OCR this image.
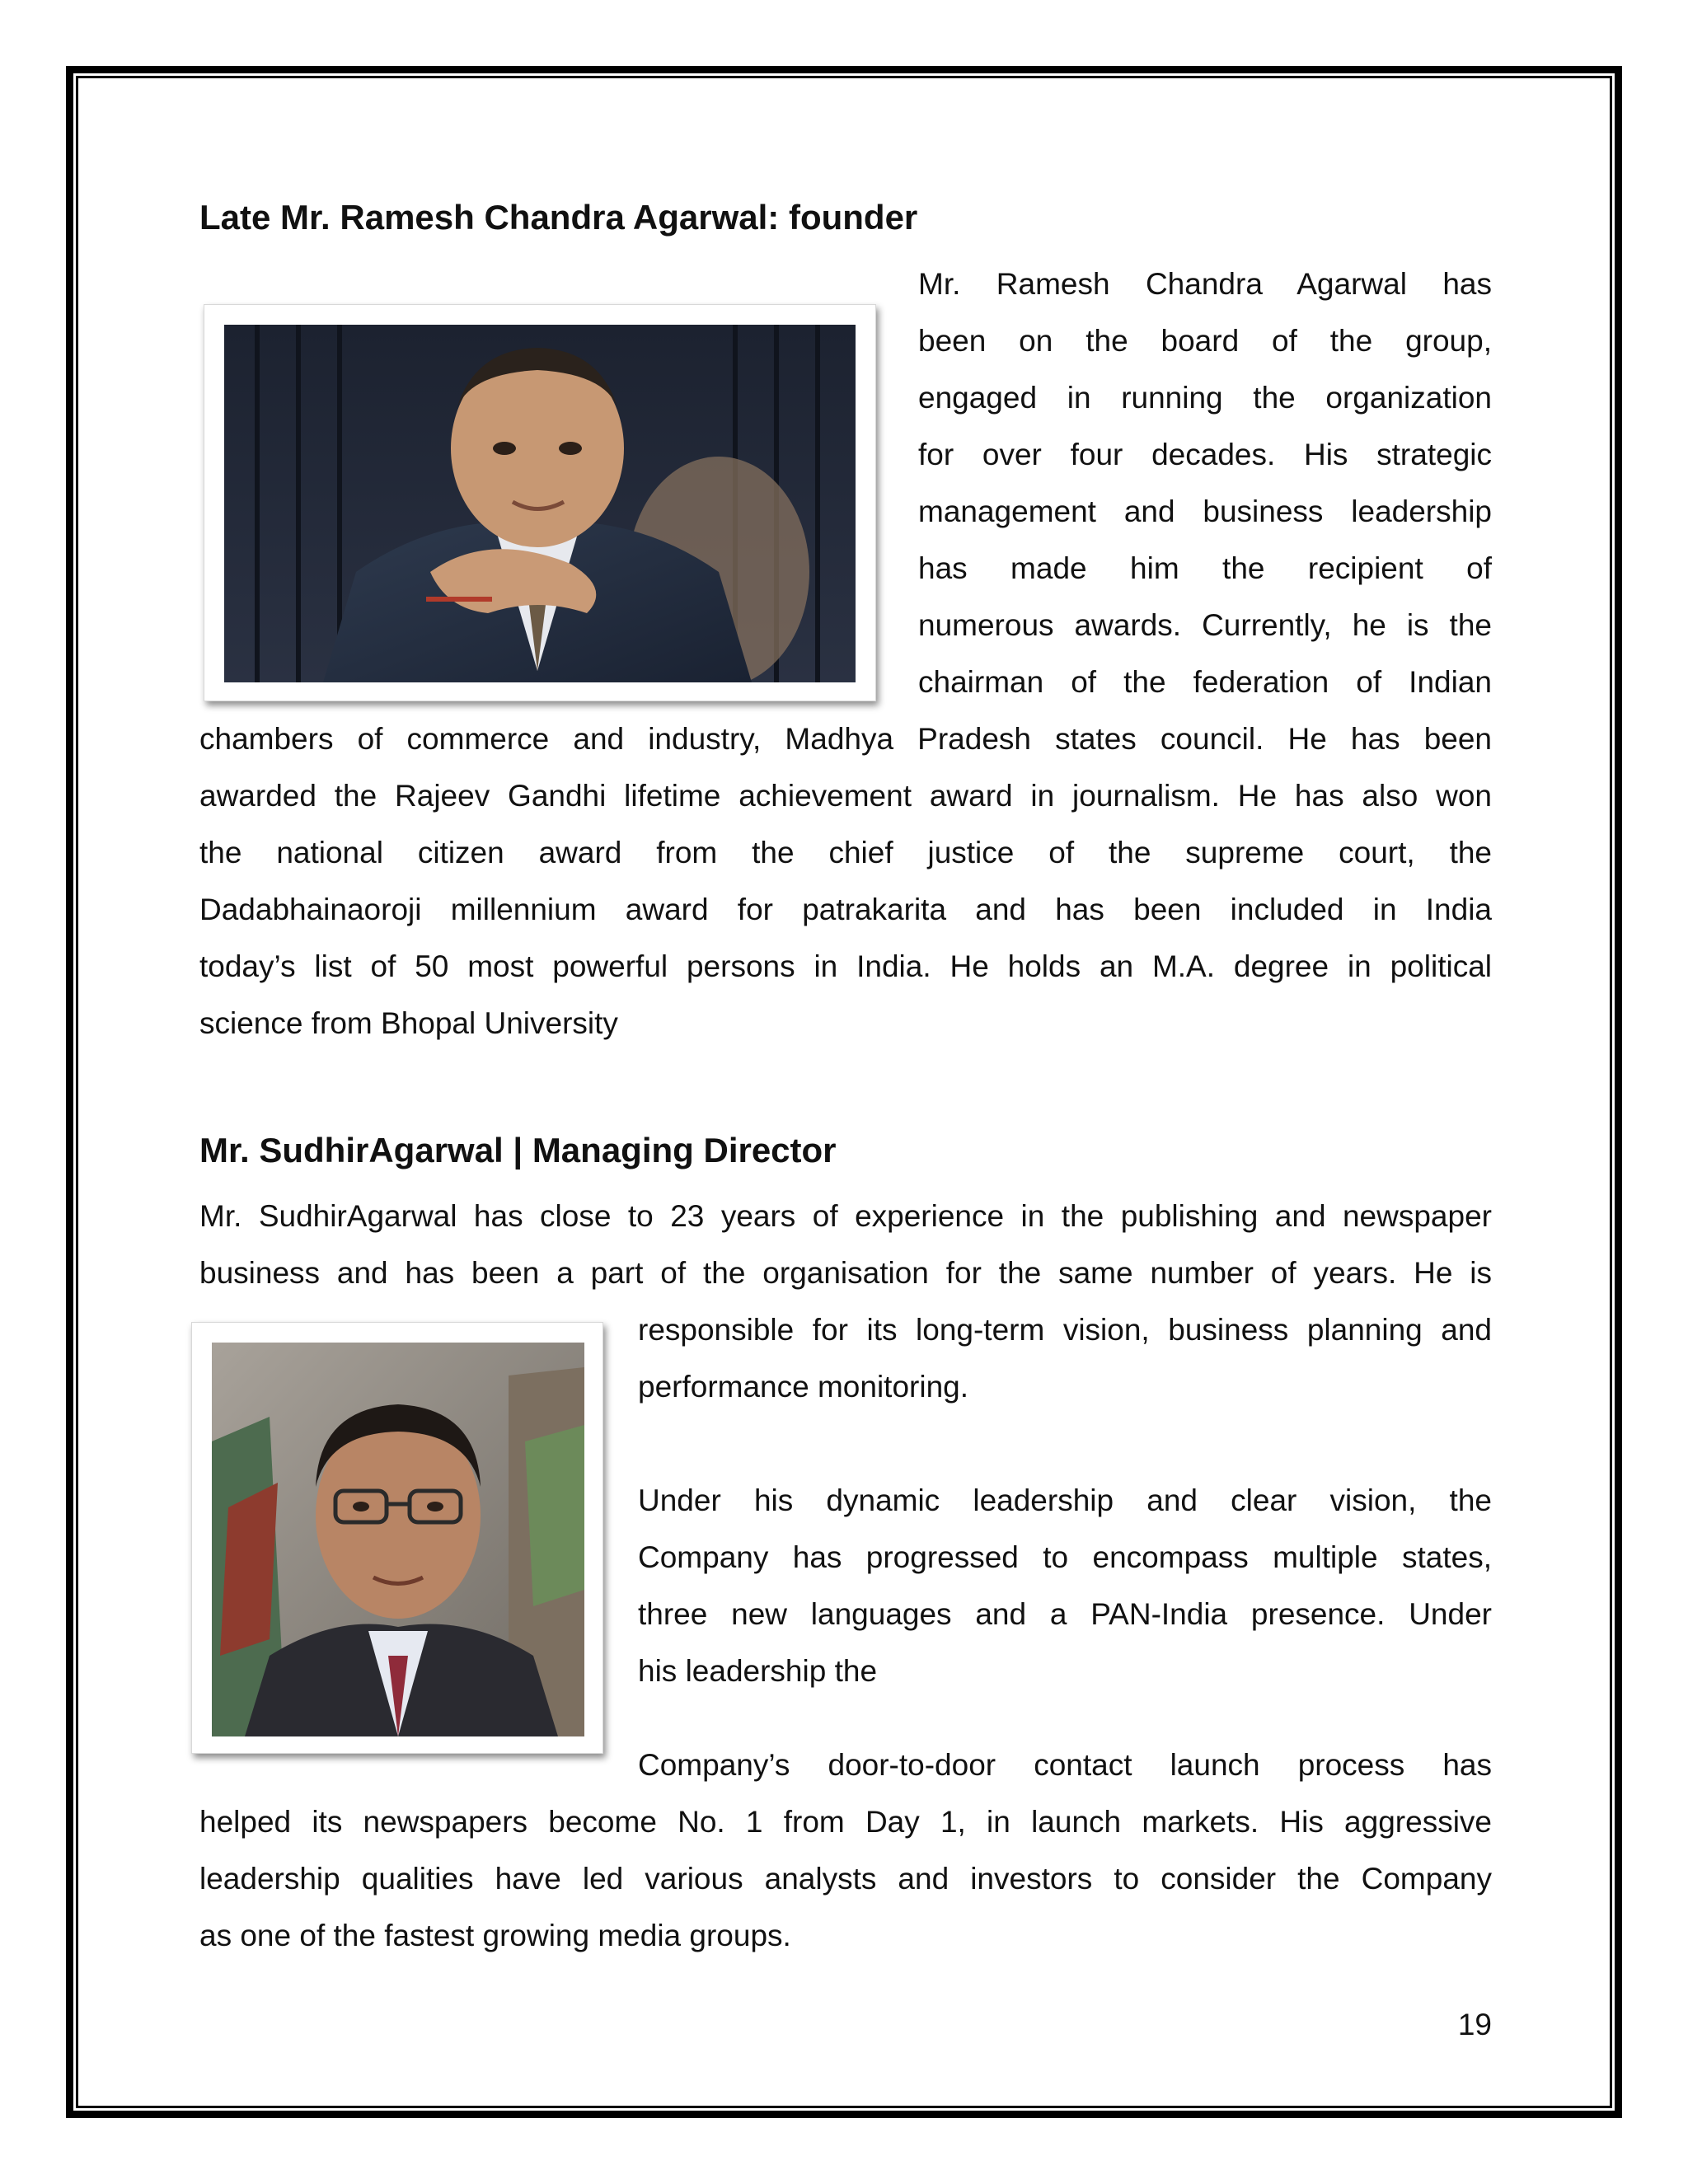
Late Mr. Ramesh Chandra Agarwal: founder
Mr. Ramesh Chandra Agarwal has
been on the board of the group,
engaged in running the organization
for over four decades. His strategic
management and business leadership
has made him the recipient of
numerous awards. Currently, he is the
chairman of the federation of Indian
chambers of commerce and industry, Madhya Pradesh states council. He has been
awarded the Rajeev Gandhi lifetime achievement award in journalism. He has also won
the national citizen award from the chief justice of the supreme court, the
Dadabhainaoroji millennium award for patrakarita and has been included in India
today’s list of 50 most powerful persons in India. He holds an M.A. degree in political
science from Bhopal University
Mr. SudhirAgarwal | Managing Director
Mr. SudhirAgarwal has close to 23 years of experience in the publishing and newspaper
business and has been a part of the organisation for the same number of years. He is
responsible for its long-term vision, business planning and
performance monitoring.
Under his dynamic leadership and clear vision, the
Company has progressed to encompass multiple states,
three new languages and a PAN-India presence. Under
his leadership the
Company’s door-to-door contact launch process has
helped its newspapers become No. 1 from Day 1, in launch markets. His aggressive
leadership qualities have led various analysts and investors to consider the Company
as one of the fastest growing media groups.

19
